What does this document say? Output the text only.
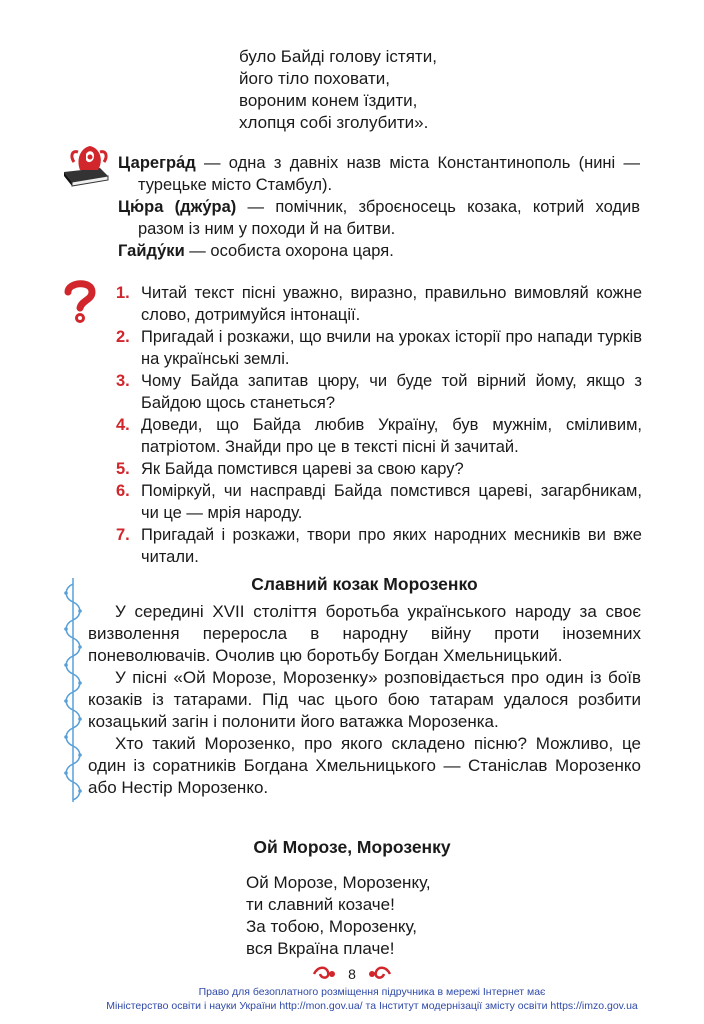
було Байді голову істяти,
його тіло поховати,
вороним конем їздити,
хлопця собі зголубити».
Царегра́д — одна з давніх назв міста Константинополь (нині — турецьке місто Стамбул).
Цю́ра (джу́ра) — помічник, зброєносець козака, котрий ходив разом із ним у походи й на битви.
Гайду́ки — особиста охорона царя.
1. Читай текст пісні уважно, виразно, правильно вимовляй кожне слово, дотримуйся інтонації.
2. Пригадай і розкажи, що вчили на уроках історії про напади турків на українські землі.
3. Чому Байда запитав цюру, чи буде той вірний йому, якщо з Байдою щось станеться?
4. Доведи, що Байда любив Україну, був мужнім, сміливим, патріотом. Знайди про це в тексті пісні й зачитай.
5. Як Байда помстився цареві за свою кару?
6. Поміркуй, чи насправді Байда помстився цареві, загарбникам, чи це — мрія народу.
7. Пригадай і розкажи, твори про яких народних месників ви вже читали.
Славний козак Морозенко

У середині XVII століття боротьба українського народу за своє визволення переросла в народну війну проти іноземних поневолювачів. Очолив цю боротьбу Богдан Хмельницький.

У пісні «Ой Морозе, Морозенку» розповідається про один із боїв козаків із татарами. Під час цього бою татарам удалося розбити козацький загін і полонити його ватажка Морозенка.

Хто такий Морозенко, про якого складено пісню? Можливо, це один із соратників Богдана Хмельницького — Станіслав Морозенко або Нестір Морозенко.

Ой Морозе, Морозенку
Ой Морозе, Морозенку,
ти славний козаче!
За тобою, Морозенку,
вся Вкраїна плаче!
8
Право для безоплатного розміщення підручника в мережі Інтернет має
Міністерство освіти і науки України http://mon.gov.ua/ та Інститут модернізації змісту освіти https://imzo.gov.ua
